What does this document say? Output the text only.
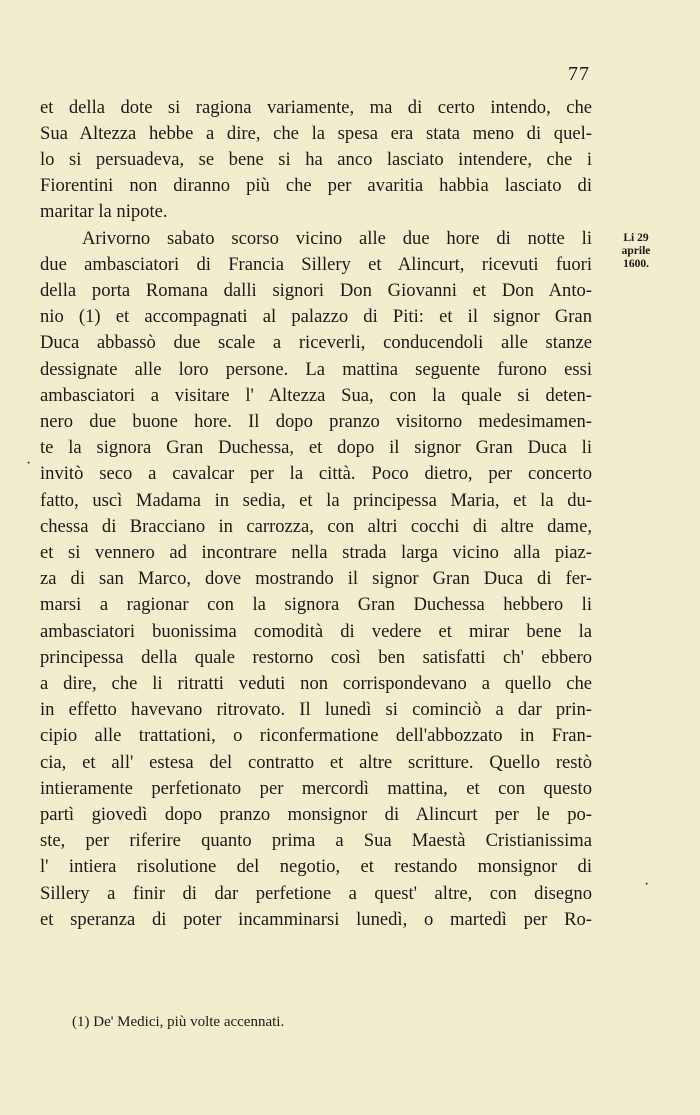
77
et della dote si ragiona variamente, ma di certo intendo, che
Sua Altezza hebbe a dire, che la spesa era stata meno di quel-
lo si persuadeva, se bene si ha anco lasciato intendere, che i
Fiorentini non diranno più che per avaritia habbia lasciato di
maritar la nipote.
Arivorno sabato scorso vicino alle due hore di notte li
due ambasciatori di Francia Sillery et Alincurt, ricevuti fuori
della porta Romana dalli signori Don Giovanni et Don Anto-
nio (1) et accompagnati al palazzo di Piti: et il signor Gran
Duca abbassò due scale a riceverli, conducendoli alle stanze
dessignate alle loro persone. La mattina seguente furono essi
ambasciatori a visitare l' Altezza Sua, con la quale si deten-
nero due buone hore. Il dopo pranzo visitorno medesimamen-
te la signora Gran Duchessa, et dopo il signor Gran Duca li
invitò seco a cavalcar per la città. Poco dietro, per concerto
fatto, uscì Madama in sedia, et la principessa Maria, et la du-
chessa di Bracciano in carrozza, con altri cocchi di altre dame,
et si vennero ad incontrare nella strada larga vicino alla piaz-
za di san Marco, dove mostrando il signor Gran Duca di fer-
marsi a ragionar con la signora Gran Duchessa hebbero li
ambasciatori buonissima comodità di vedere et mirar bene la
principessa della quale restorno così ben satisfatti ch' ebbero
a dire, che li ritratti veduti non corrispondevano a quello che
in effetto havevano ritrovato. Il lunedì si cominciò a dar prin-
cipio alle trattationi, o riconfermatione dell'abbozzato in Fran-
cia, et all' estesa del contratto et altre scritture. Quello restò
intieramente perfetionato per mercordì mattina, et con questo
partì giovedì dopo pranzo monsignor di Alincurt per le po-
ste, per riferire quanto prima a Sua Maestà Cristianissima
l' intiera risolutione del negotio, et restando monsignor di
Sillery a finir di dar perfetione a quest' altre, con disegno
et speranza di poter incamminarsi lunedì, o martedì per Ro-
Li 29
aprile
1600.
·
·
(1) De' Medici, più volte accennati.
